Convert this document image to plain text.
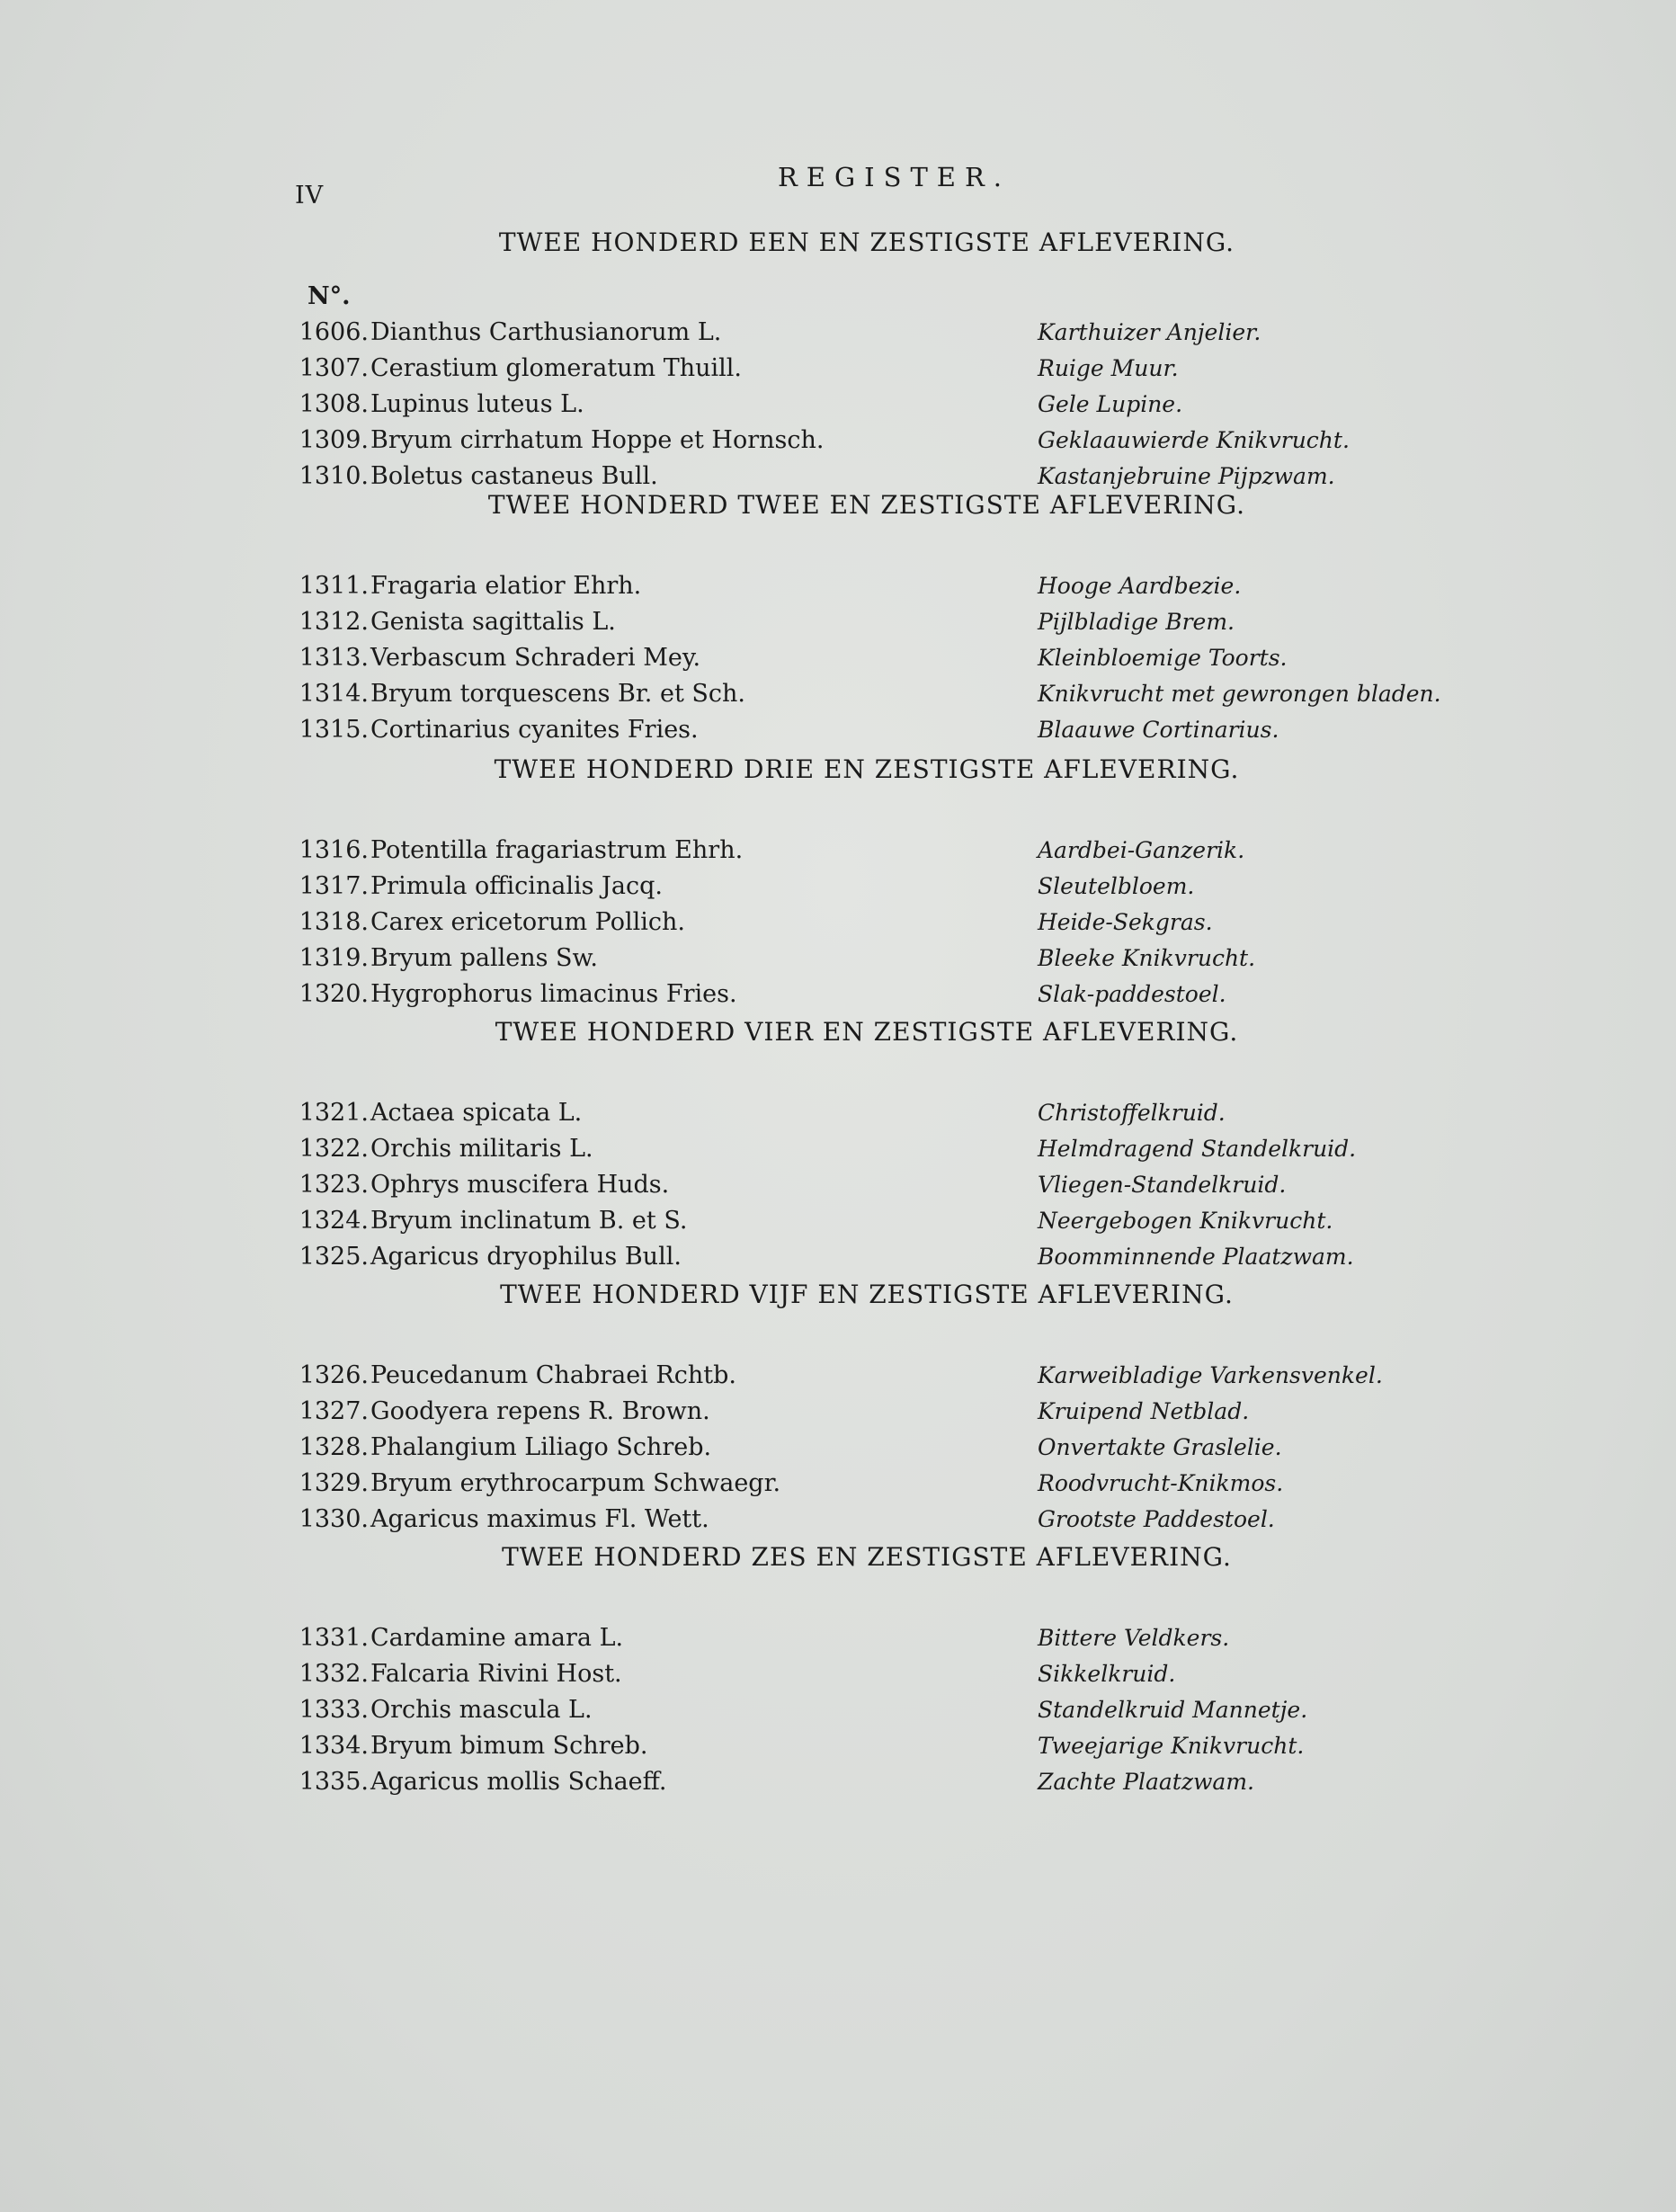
IV
REGISTER.
N°.
TWEE HONDERD EEN EN ZESTIGSTE AFLEVERING.
1606. Dianthus Carthusianorum L.	Karthuizer Anjelier.
1307. Cerastium glomeratum Thuill.	Ruige Muur.
1308. Lupinus luteus L.	Gele Lupine.
1309. Bryum cirrhatum Hoppe et Hornsch.	Geklaauwierde Knikvrucht.
1310. Boletus castaneus Bull.	Kastanjebruine Pijpzwam.
TWEE HONDERD TWEE EN ZESTIGSTE AFLEVERING.
1311. Fragaria elatior Ehrh.	Hooge Aardbezie.
1312. Genista sagittalis L.	Pijlbladige Brem.
1313. Verbascum Schraderi Mey.	Kleinbloemige Toorts.
1314. Bryum torquescens Br. et Sch.	Knikvrucht met gewrongen bladen.
1315. Cortinarius cyanites Fries.	Blaauwe Cortinarius.
TWEE HONDERD DRIE EN ZESTIGSTE AFLEVERING.
1316. Potentilla fragariastrum Ehrh.	Aardbei-Ganzerik.
1317. Primula officinalis Jacq.	Sleutelbloem.
1318. Carex ericetorum Pollich.	Heide-Sekgras.
1319. Bryum pallens Sw.	Bleeke Knikvrucht.
1320. Hygrophorus limacinus Fries.	Slak-paddestoel.
TWEE HONDERD VIER EN ZESTIGSTE AFLEVERING.
1321. Actaea spicata L.	Christoffelkruid.
1322. Orchis militaris L.	Helmdragend Standelkruid.
1323. Ophrys muscifera Huds.	Vliegen-Standelkruid.
1324. Bryum inclinatum B. et S.	Neergebogen Knikvrucht.
1325. Agaricus dryophilus Bull.	Boomminnende Plaatzwam.
TWEE HONDERD VIJF EN ZESTIGSTE AFLEVERING.
1326. Peucedanum Chabraei Rchtb.	Karweibladige Varkensvenkel.
1327. Goodyera repens R. Brown.	Kruipend Netblad.
1328. Phalangium Liliago Schreb.	Onvertakte Graslelie.
1329. Bryum erythrocarpum Schwaegr.	Roodvrucht-Knikmos.
1330. Agaricus maximus Fl. Wett.	Grootste Paddestoel.
TWEE HONDERD ZES EN ZESTIGSTE AFLEVERING.
1331. Cardamine amara L.	Bittere Veldkers.
1332. Falcaria Rivini Host.	Sikkelkruid.
1333. Orchis mascula L.	Standelkruid Mannetje.
1334. Bryum bimum Schreb.	Tweejarige Knikvrucht.
1335. Agaricus mollis Schaeff.	Zachte Plaatzwam.
